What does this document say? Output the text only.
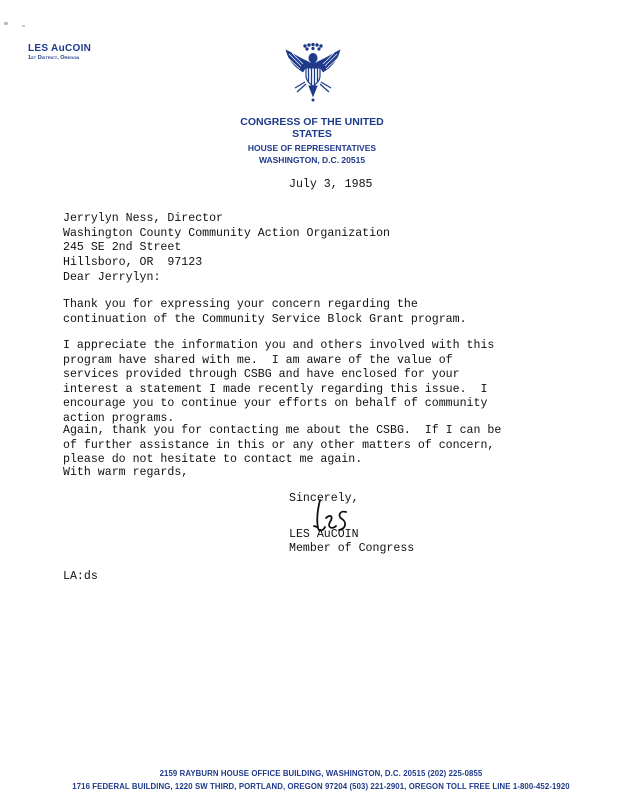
LES AuCOIN
1st District, Oregon
CONGRESS OF THE UNITED STATES
HOUSE OF REPRESENTATIVES
WASHINGTON, D.C. 20515
July 3, 1985
Jerrylyn Ness, Director
Washington County Community Action Organization
245 SE 2nd Street
Hillsboro, OR  97123
Dear Jerrylyn:
Thank you for expressing your concern regarding the
continuation of the Community Service Block Grant program.
I appreciate the information you and others involved with this
program have shared with me.  I am aware of the value of
services provided through CSBG and have enclosed for your
interest a statement I made recently regarding this issue.  I
encourage you to continue your efforts on behalf of community
action programs.
Again, thank you for contacting me about the CSBG.  If I can be
of further assistance in this or any other matters of concern,
please do not hesitate to contact me again.
With warm regards,
Sincerely,
LES AuCOIN
Member of Congress
LA:ds
2159 RAYBURN HOUSE OFFICE BUILDING, WASHINGTON, D.C. 20515 (202) 225-0855
1716 FEDERAL BUILDING, 1220 SW THIRD, PORTLAND, OREGON 97204 (503) 221-2901, OREGON TOLL FREE LINE 1-800-452-1920
